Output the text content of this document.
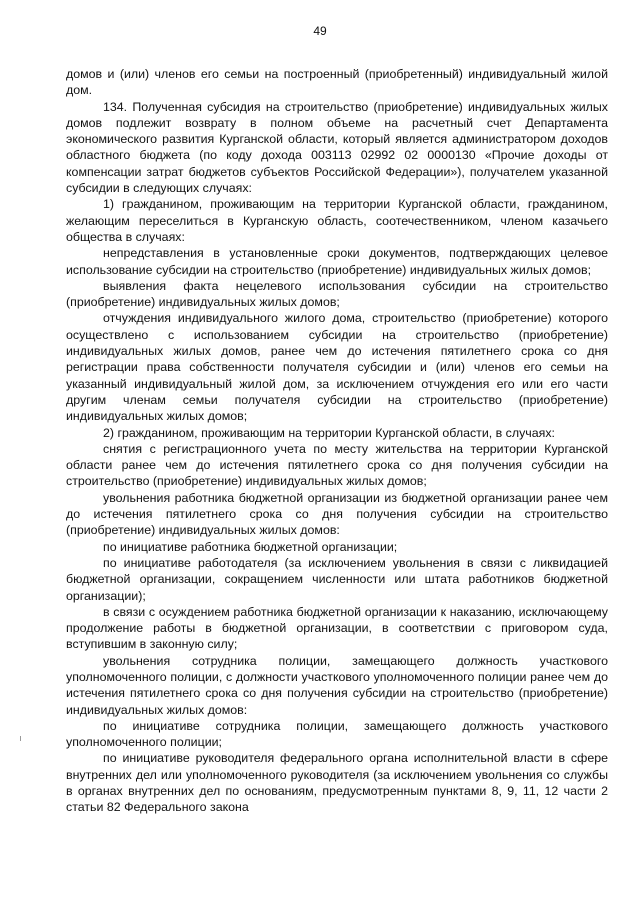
49

домов и (или) членов его семьи на построенный (приобретенный) индивидуальный жилой дом.

134. Полученная субсидия на строительство (приобретение) индивидуальных жилых домов подлежит возврату в полном объеме на расчетный счет Департамента экономического развития Курганской области, который является администратором доходов областного бюджета (по коду дохода 003113 02992 02 0000130 «Прочие доходы от компенсации затрат бюджетов субъектов Российской Федерации»), получателем указанной субсидии в следующих случаях:

1) гражданином, проживающим на территории Курганской области, гражданином, желающим переселиться в Курганскую область, соотечественником, членом казачьего общества в случаях:

непредставления в установленные сроки документов, подтверждающих целевое использование субсидии на строительство (приобретение) индивидуальных жилых домов;

выявления факта нецелевого использования субсидии на строительство (приобретение) индивидуальных жилых домов;

отчуждения индивидуального жилого дома, строительство (приобретение) которого осуществлено с использованием субсидии на строительство (приобретение) индивидуальных жилых домов, ранее чем до истечения пятилетнего срока со дня регистрации права собственности получателя субсидии и (или) членов его семьи на указанный индивидуальный жилой дом, за исключением отчуждения его или его части другим членам семьи получателя субсидии на строительство (приобретение) индивидуальных жилых домов;

2) гражданином, проживающим на территории Курганской области, в случаях:

снятия с регистрационного учета по месту жительства на территории Курганской области ранее чем до истечения пятилетнего срока со дня получения субсидии на строительство (приобретение) индивидуальных жилых домов;

увольнения работника бюджетной организации из бюджетной организации ранее чем до истечения пятилетнего срока со дня получения субсидии на строительство (приобретение) индивидуальных жилых домов:

по инициативе работника бюджетной организации;

по инициативе работодателя (за исключением увольнения в связи с ликвидацией бюджетной организации, сокращением численности или штата работников бюджетной организации);

в связи с осуждением работника бюджетной организации к наказанию, исключающему продолжение работы в бюджетной организации, в соответствии с приговором суда, вступившим в законную силу;

увольнения сотрудника полиции, замещающего должность участкового уполномоченного полиции, с должности участкового уполномоченного полиции ранее чем до истечения пятилетнего срока со дня получения субсидии на строительство (приобретение) индивидуальных жилых домов:

по инициативе сотрудника полиции, замещающего должность участкового уполномоченного полиции;

по инициативе руководителя федерального органа исполнительной власти в сфере внутренних дел или уполномоченного руководителя (за исключением увольнения со службы в органах внутренних дел по основаниям, предусмотренным пунктами 8, 9, 11, 12 части 2 статьи 82 Федерального закона
